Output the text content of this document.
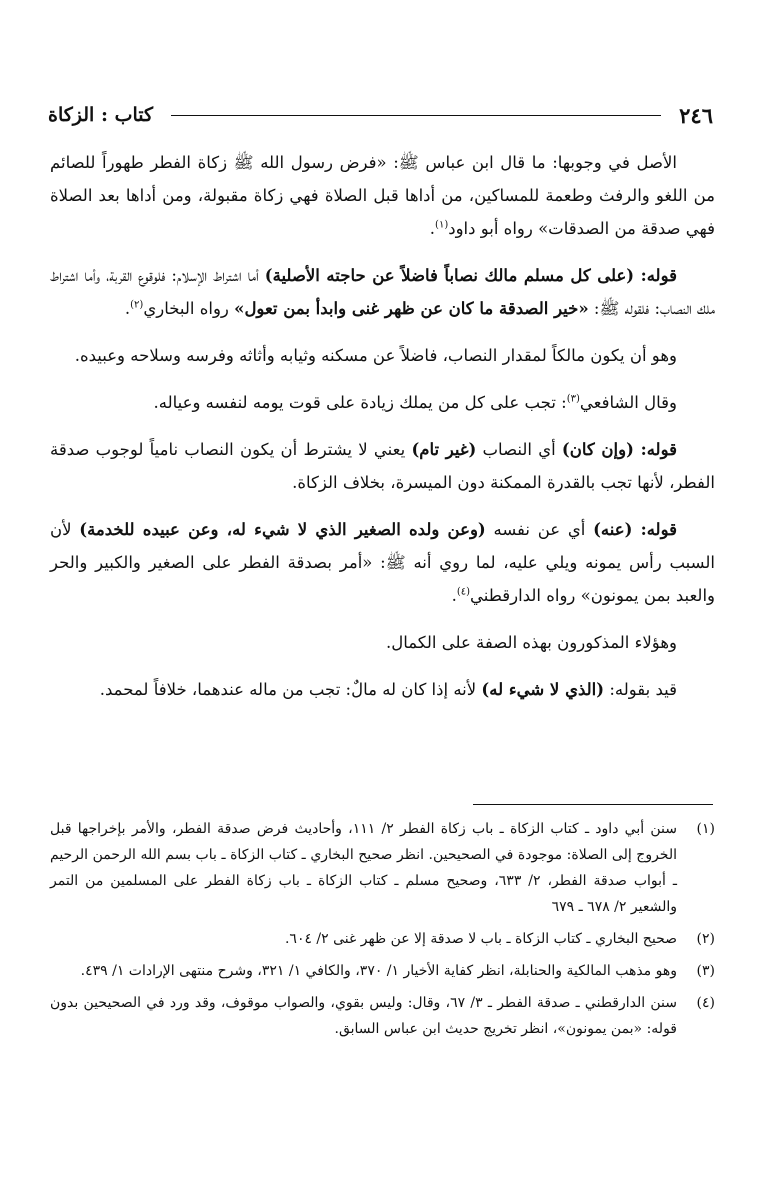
٢٤٦
كتاب : الزكاة

الأصل في وجوبها: ما قال ابن عباس ﷺ: «فرض رسول الله ﷺ زكاة الفطر طهوراً للصائم من اللغو والرفث وطعمة للمساكين، من أداها قبل الصلاة فهي زكاة مقبولة، ومن أداها بعد الصلاة فهي صدقة من الصدقات» رواه أبو داود$^{(١)}$.

قوله: (على كل مسلم مالك نصاباً فاضلاً عن حاجته الأصلية) أما اشتراط الإسلام: فلوقوع القربة، وأما اشتراط ملك النصاب: فلقوله ﷺ: «خير الصدقة ما كان عن ظهر غنى وابدأ بمن تعول» رواه البخاري$^{(٢)}$.

وهو أن يكون مالكاً لمقدار النصاب، فاضلاً عن مسكنه وثيابه وأثاثه وفرسه وسلاحه وعبيده.

وقال الشافعي$^{(٣)}$: تجب على كل من يملك زيادة على قوت يومه لنفسه وعياله.

قوله: (وإن كان) أي النصاب (غير تام) يعني لا يشترط أن يكون النصاب نامياً لوجوب صدقة الفطر، لأنها تجب بالقدرة الممكنة دون الميسرة، بخلاف الزكاة.

قوله: (عنه) أي عن نفسه (وعن ولده الصغير الذي لا شيء له، وعن عبيده للخدمة) لأن السبب رأس يمونه ويلي عليه، لما روي أنه ﷺ: «أمر بصدقة الفطر على الصغير والكبير والحر والعبد بمن يمونون» رواه الدارقطني$^{(٤)}$.

وهؤلاء المذكورون بهذه الصفة على الكمال.

قيد بقوله: (الذي لا شيء له) لأنه إذا كان له مالٌ: تجب من ماله عندهما، خلافاً لمحمد.

(١)
سنن أبي داود ـ كتاب الزكاة ـ باب زكاة الفطر ٢/ ١١١، وأحاديث فرض صدقة الفطر، والأمر بإخراجها قبل الخروج إلى الصلاة: موجودة في الصحيحين. انظر صحيح البخاري ـ كتاب الزكاة ـ باب بسم الله الرحمن الرحيم ـ أبواب صدقة الفطر، ٢/ ٦٣٣، وصحيح مسلم ـ كتاب الزكاة ـ باب زكاة الفطر على المسلمين من التمر والشعير ٢/ ٦٧٨ ـ ٦٧٩
(٢)
صحيح البخاري ـ كتاب الزكاة ـ باب لا صدقة إلا عن ظهر غنى ٢/ ٦٠٤.
(٣)
وهو مذهب المالكية والحنابلة، انظر كفاية الأخيار ١/ ٣٧٠، والكافي ١/ ٣٢١، وشرح منتهى الإرادات ١/ ٤٣٩.
(٤)
سنن الدارقطني ـ صدقة الفطر ـ ٣/ ٦٧، وقال: وليس بقوي، والصواب موقوف، وقد ورد في الصحيحين بدون قوله: «بمن يمونون»، انظر تخريج حديث ابن عباس السابق.
